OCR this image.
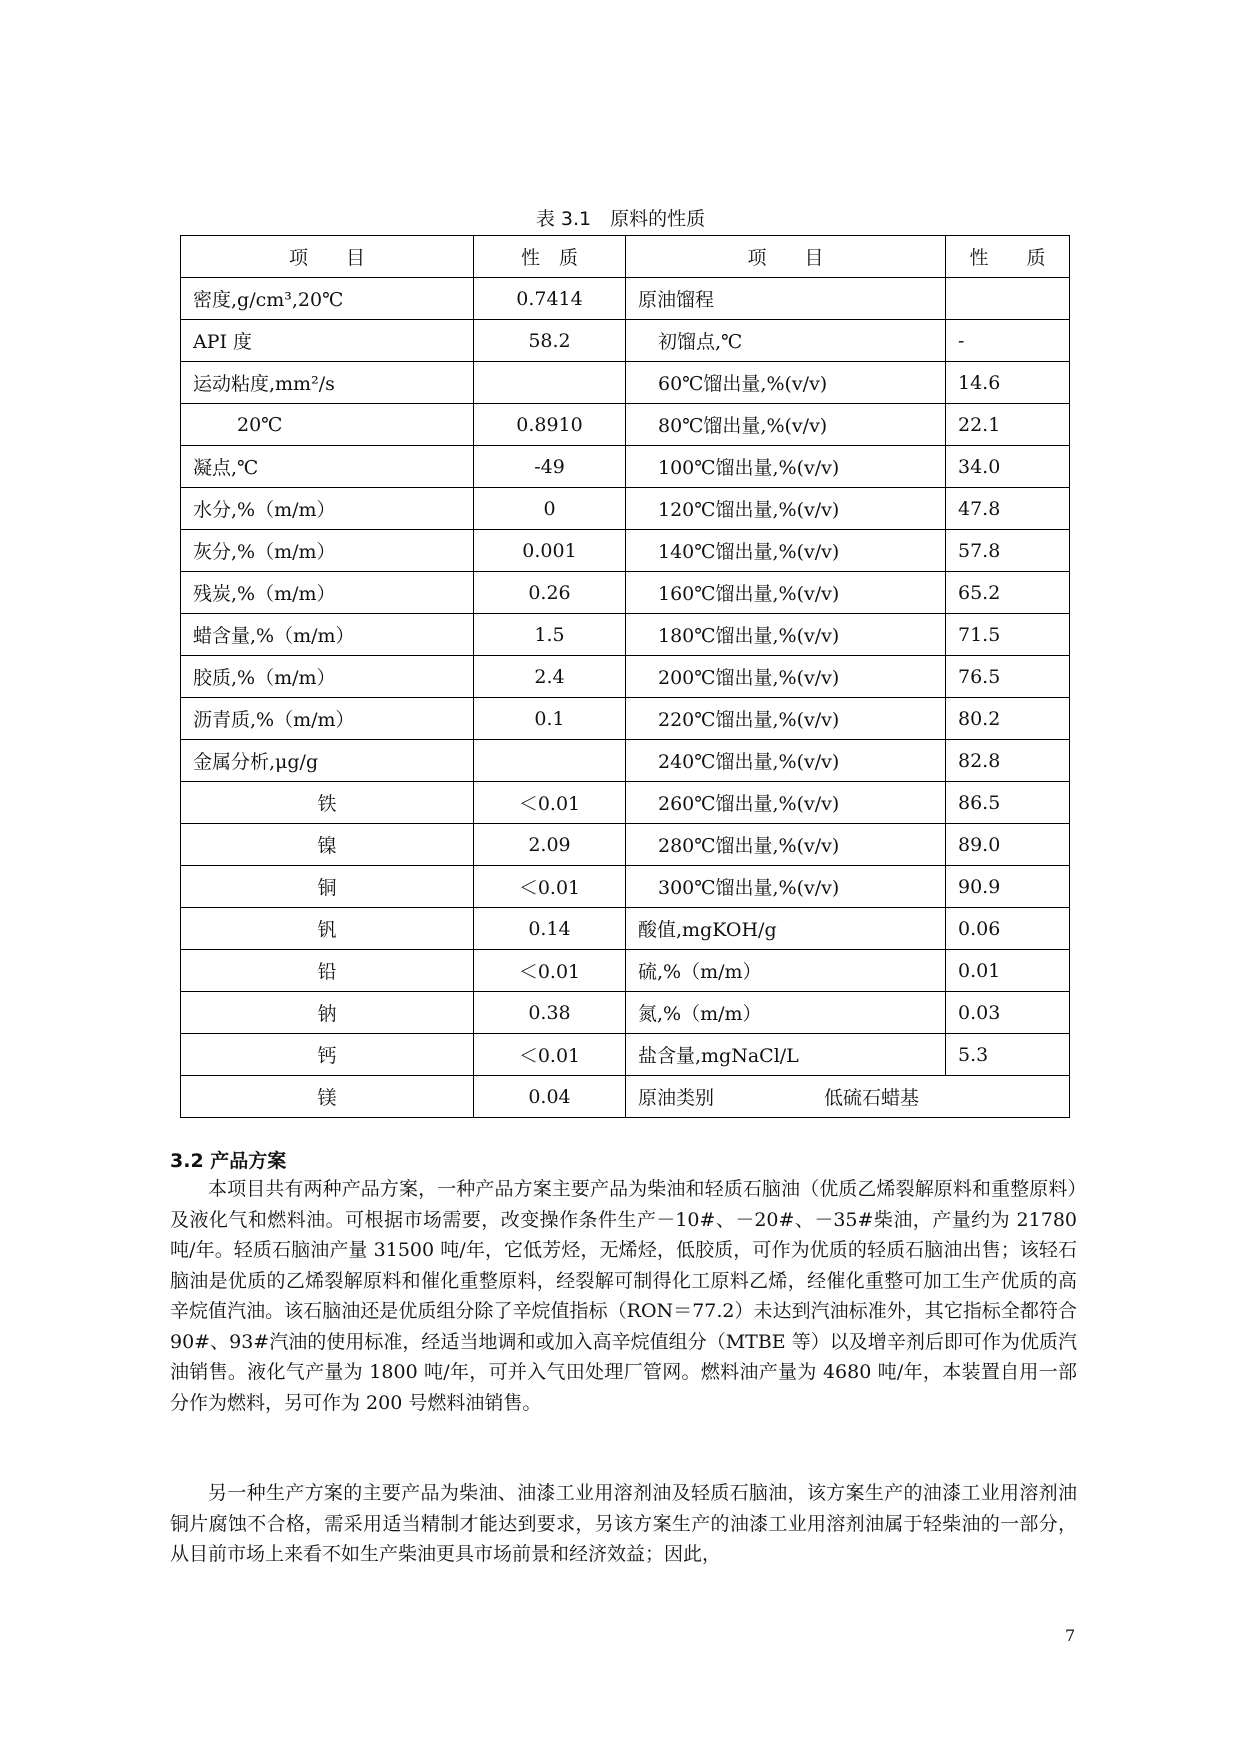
表 3.1　原料的性质
项　　目	性　质	项　　目	性　　质
密度,g/cm³,20℃	0.7414	原油馏程	
API 度	58.2	初馏点,℃	-
运动粘度,mm²/s		60℃馏出量,%(v/v)	14.6
20℃	0.8910	80℃馏出量,%(v/v)	22.1
凝点,℃	-49	100℃馏出量,%(v/v)	34.0
水分,%（m/m）	0	120℃馏出量,%(v/v)	47.8
灰分,%（m/m）	0.001	140℃馏出量,%(v/v)	57.8
残炭,%（m/m）	0.26	160℃馏出量,%(v/v)	65.2
蜡含量,%（m/m）	1.5	180℃馏出量,%(v/v)	71.5
胶质,%（m/m）	2.4	200℃馏出量,%(v/v)	76.5
沥青质,%（m/m）	0.1	220℃馏出量,%(v/v)	80.2
金属分析,μg/g		240℃馏出量,%(v/v)	82.8
铁	＜0.01	260℃馏出量,%(v/v)	86.5
镍	2.09	280℃馏出量,%(v/v)	89.0
铜	＜0.01	300℃馏出量,%(v/v)	90.9
钒	0.14	酸值,mgKOH/g	0.06
铅	＜0.01	硫,%（m/m）	0.01
钠	0.38	氮,%（m/m）	0.03
钙	＜0.01	盐含量,mgNaCl/L	5.3
镁	0.04	原油类别 低硫石蜡基	
3.2 产品方案

本项目共有两种产品方案，一种产品方案主要产品为柴油和轻质石脑油（优质乙烯裂解原料和重整原料）及液化气和燃料油。可根据市场需要，改变操作条件生产－10#、－20#、－35#柴油，产量约为 21780 吨/年。轻质石脑油产量 31500 吨/年，它低芳烃，无烯烃，低胶质，可作为优质的轻质石脑油出售；该轻石脑油是优质的乙烯裂解原料和催化重整原料，经裂解可制得化工原料乙烯，经催化重整可加工生产优质的高辛烷值汽油。该石脑油还是优质组分除了辛烷值指标（RON＝77.2）未达到汽油标准外，其它指标全都符合 90#、93#汽油的使用标准，经适当地调和或加入高辛烷值组分（MTBE 等）以及增辛剂后即可作为优质汽油销售。液化气产量为 1800 吨/年，可并入气田处理厂管网。燃料油产量为 4680 吨/年，本装置自用一部分作为燃料，另可作为 200 号燃料油销售。

另一种生产方案的主要产品为柴油、油漆工业用溶剂油及轻质石脑油，该方案生产的油漆工业用溶剂油铜片腐蚀不合格，需采用适当精制才能达到要求，另该方案生产的油漆工业用溶剂油属于轻柴油的一部分，从目前市场上来看不如生产柴油更具市场前景和经济效益；因此，

7
